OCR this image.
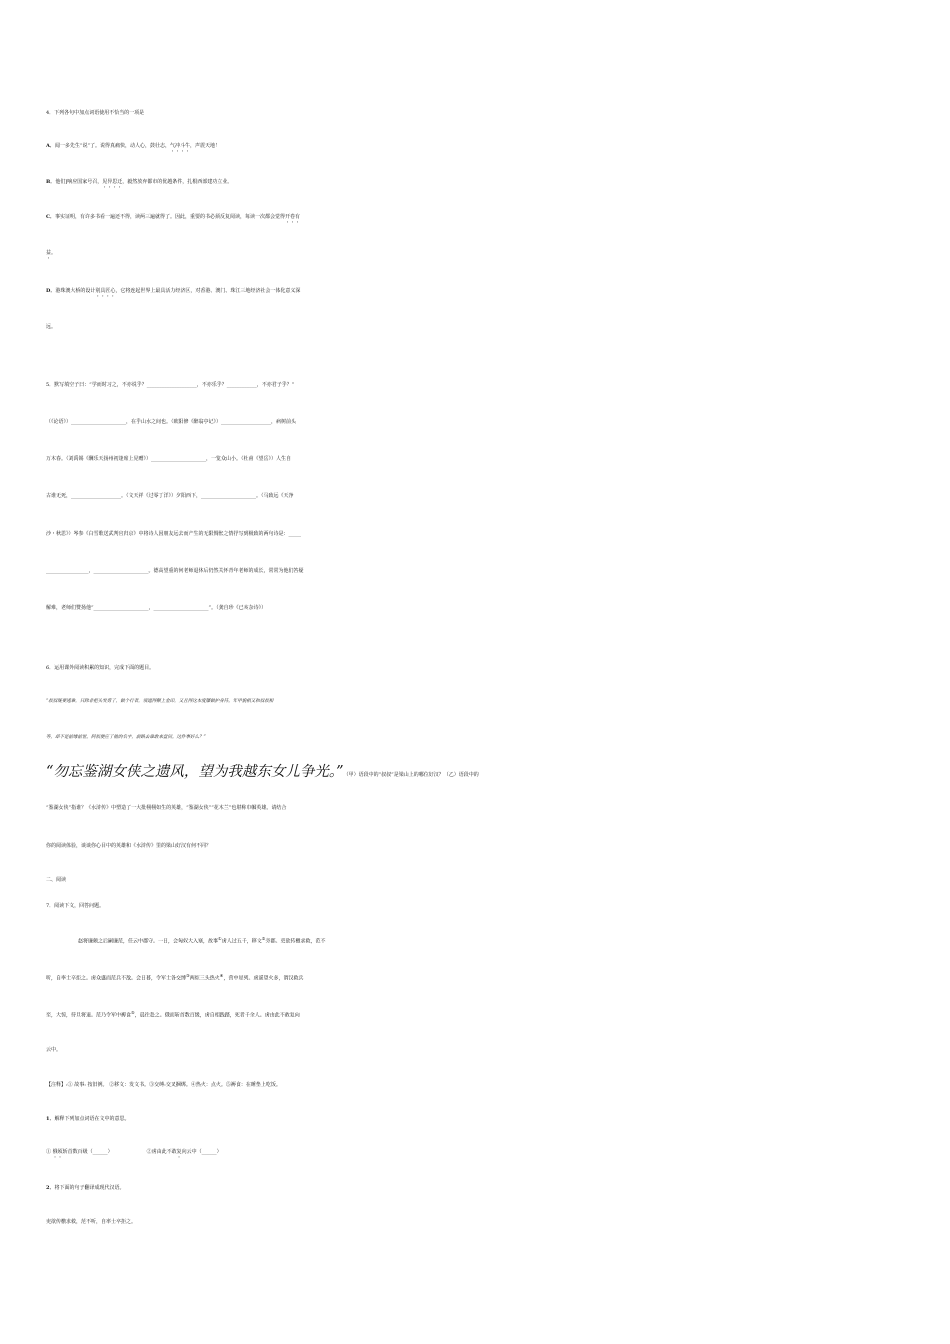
4．下列各句中加点词语使用不恰当的一项是
A．闻一多先生“说”了。说得真痛快，动人心，鼓壮志，气冲斗牛，声震天地！
B．他们]响应国家号召，见异思迁，毅然放弃都市的优越条件，扎根西部建功立业。
C．事实证明，有许多书看一遍还不得，读两三遍就得了。因此，重要的书必须反复阅读，每读一次都会觉得开卷有
益。
D．港珠澳大桥的设计别具匠心，它将连起世界上最具活力经济区，对香港、澳门、珠江三地经济社会一体化意义深
远。
5．默写填空子曰：“学而时习之，不亦说乎？____________________，不亦乐乎？____________，不亦君子乎？”
（《论语》）______________________，在乎山水之间也。（欧阳修《醉翁亭记》）____________________，病树前头
万木春。（刘禹锡《酬乐天扬州初逢席上见赠》）______________________，一览众山小。（杜甫《望岳》）人生自
古谁无死，____________________。（文天祥《过零丁洋》）夕阳西下，______________________。（马致远《天净
沙・秋思》）岑参《白雪歌送武判官归京》中将诗人因朋友远去而产生的无限惆怅之情抒写到极致的两句诗是：_____
_________________，______________________。德高望重的何老师退休后仍然关怀青年老师的成长，常常为他们答疑
解难，老师们赞扬他“______________________，______________________”。（龚自珍《已亥杂诗》）
6．运用课外阅读积累的知识，完成下面的题目。
“叔叔既要逃难，只除非把头发剪了，做个行者，须遮得额上金印，又且得这本度牒做护身符。年甲貌相又和叔叔相
等，却不是前缘前世。阿叔便应了他的名字，前路去谁敢来盘问。这件事好么？”
“勿忘鉴湖女侠之遗风，望为我越东女儿争光。”（甲）语段中的“叔叔”是梁山上的哪位好汉？（乙）语段中的
“鉴湖女侠”指谁？《水浒传》中塑造了一大批栩栩如生的英雄，“鉴湖女侠”“花木兰”也堪称巾帼英雄。请结合
你的阅读体验，谈谈你心目中的英雄和《水浒传》里的梁山好汉有何不同？
二、阅读
7．阅读下文，回答问题。
赵将廉颇之后嗣廉范，任云中郡守。一日，会匈奴大入塞，故事①虏人过五千，移文②旁郡。吏欲传檄求救，范不
听，自率士卒拒之。虏众盛而范兵不敌。会日暮，令军士各交缚③两炬三头热火④，营中星列。虏遥望火多，谓汉救兵
至，大惊，待旦将退。范乃令军中褥食⑤，晨往赴之。俄而斩首数百级，虏自相践踏，死者千余人。虏由此不敢复向
云中。
【注释】:① 故事: 按旧例。 ②移文：发文书。③交缚:交叉捆绑。④热火：点火。⑤褥食：在睡垫上吃饭。
1．解释下列加点词语在文中的意思。
① 俄顷斩首数百级（______）	②虏由此不敢复向云中（______）
2．将下面的句子翻译成现代汉语。
吏欲传檄求救，范不听，自率士卒拒之。
